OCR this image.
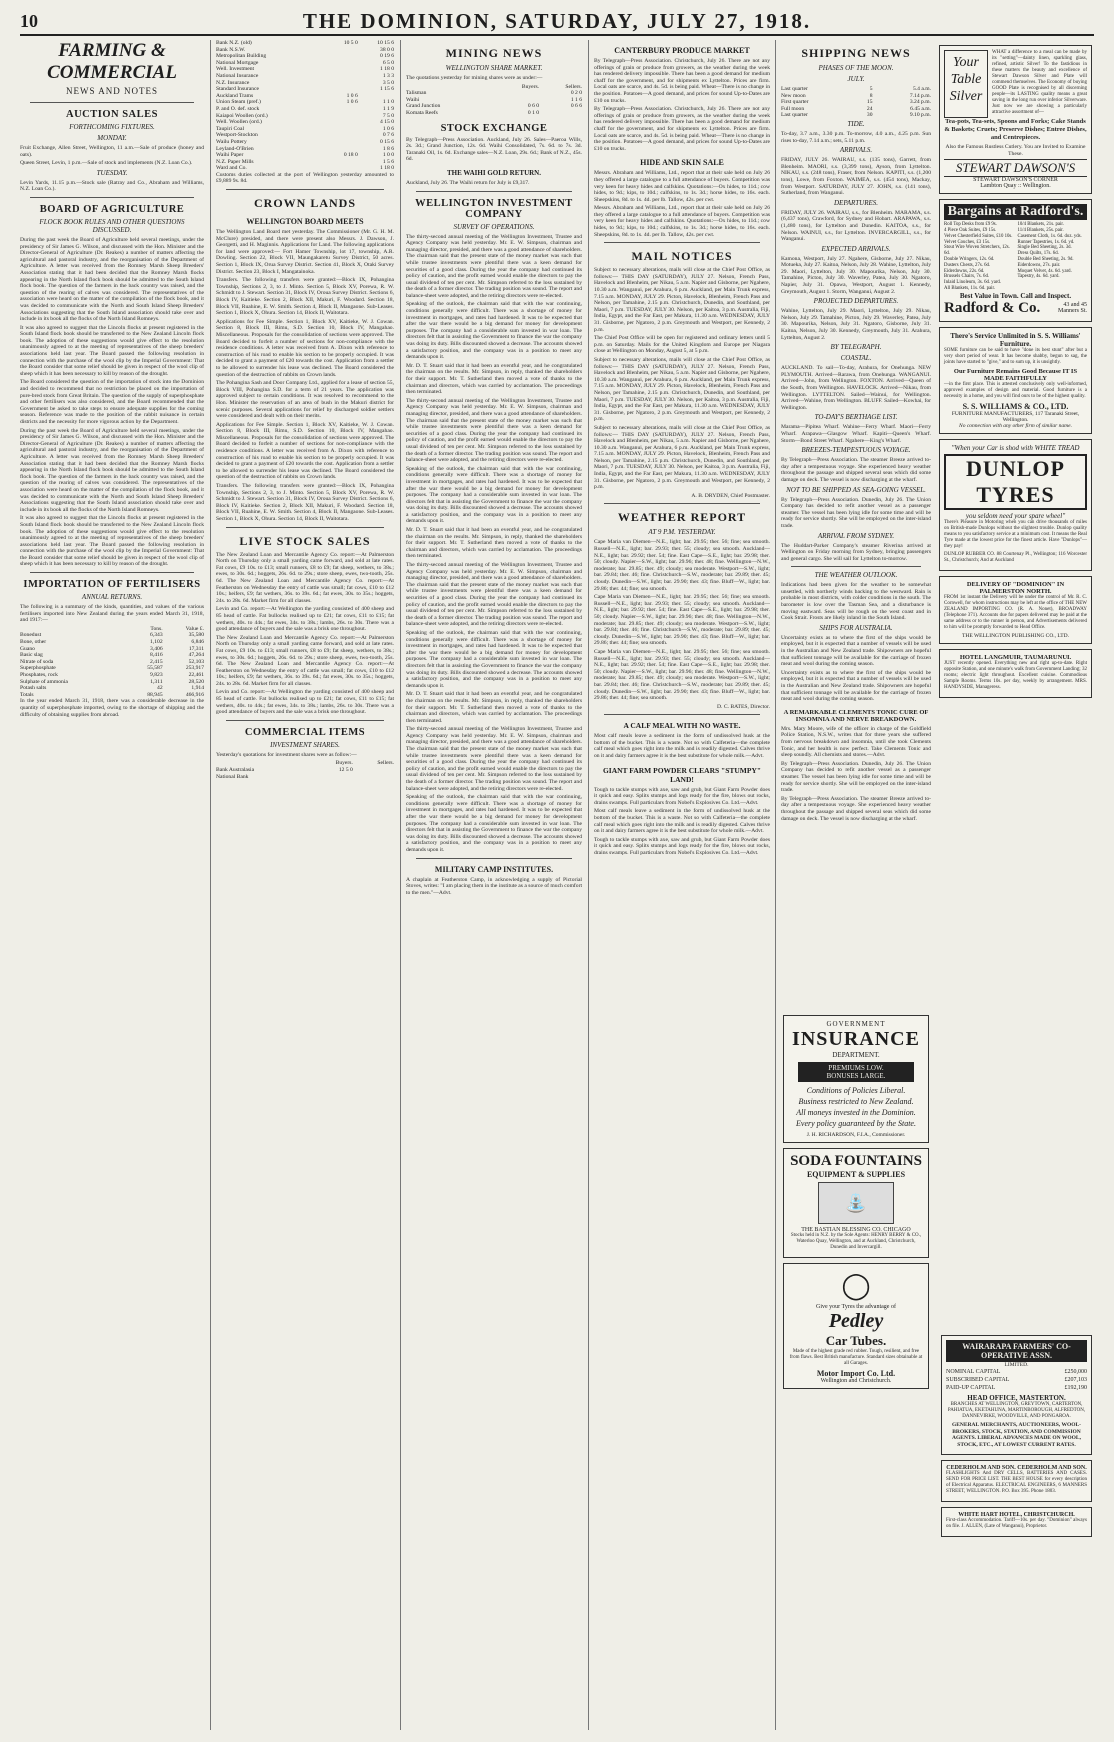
10	THE DOMINION, SATURDAY, JULY 27, 1918.

FARMING & COMMERCIAL

NEWS AND NOTES

AUCTION SALES
FORTHCOMING FIXTURES.
MONDAY.

Fruit Exchange, Allen Street, Wellington, 11 a.m.—Sale of produce (honey and oats).

Queen Street, Levin, 1 p.m.—Sale of stock and implements (N.Z. Loan Co.).

TUESDAY.

Levin Yards, 11.15 p.m.—Stock sale (Ratray and Co., Abraham and Williams, N.Z. Loan Co.).

BOARD OF AGRICULTURE
FLOCK BOOK RULES AND OTHER QUESTIONS DISCUSSED.

During the past week the Board of Agriculture held several meetings, under the presidency of Sir James G. Wilson, and discussed with the Hon. Minister and the Director-General of Agriculture (Dr. Reakes) a number of matters affecting the agricultural and pastoral industry, and the reorganisation of the Department of Agriculture. A letter was received from the Romney Marsh Sheep Breeders' Association stating that it had been decided that the Romney Marsh flocks appearing in the North Island flock book should be admitted to the South Island flock book. The question of the farmers in the back country was raised, and the question of the rearing of calves was considered. The representatives of the association were heard on the matter of the compilation of the flock book, and it was decided to communicate with the North and South Island Sheep Breeders' Associations suggesting that the South Island association should take over and include in its book all the flocks of the North Island Romneys.

It was also agreed to suggest that the Lincoln flocks at present registered in the South Island flock book should be transferred to the New Zealand Lincoln flock book. The adoption of these suggestions would give effect to the resolution unanimously agreed to at the meeting of representatives of the sheep breeders' associations held last year. The Board passed the following resolution in connection with the purchase of the wool clip by the Imperial Government: That the Board consider that some relief should be given in respect of the wool clip of sheep which it has been necessary to kill by reason of the drought.

The Board considered the question of the importation of stock into the Dominion and decided to recommend that no restriction be placed on the importation of pure-bred stock from Great Britain. The question of the supply of superphosphate and other fertilisers was also considered, and the Board recommended that the Government be asked to take steps to ensure adequate supplies for the coming season. Reference was made to the position of the rabbit nuisance in certain districts and the necessity for more vigorous action by the Department.

During the past week the Board of Agriculture held several meetings, under the presidency of Sir James G. Wilson, and discussed with the Hon. Minister and the Director-General of Agriculture (Dr. Reakes) a number of matters affecting the agricultural and pastoral industry, and the reorganisation of the Department of Agriculture. A letter was received from the Romney Marsh Sheep Breeders' Association stating that it had been decided that the Romney Marsh flocks appearing in the North Island flock book should be admitted to the South Island flock book. The question of the farmers in the back country was raised, and the question of the rearing of calves was considered. The representatives of the association were heard on the matter of the compilation of the flock book, and it was decided to communicate with the North and South Island Sheep Breeders' Associations suggesting that the South Island association should take over and include in its book all the flocks of the North Island Romneys.

It was also agreed to suggest that the Lincoln flocks at present registered in the South Island flock book should be transferred to the New Zealand Lincoln flock book. The adoption of these suggestions would give effect to the resolution unanimously agreed to at the meeting of representatives of the sheep breeders' associations held last year. The Board passed the following resolution in connection with the purchase of the wool clip by the Imperial Government: That the Board consider that some relief should be given in respect of the wool clip of sheep which it has been necessary to kill by reason of the drought.

IMPORTATION OF FERTILISERS
ANNUAL RETURNS.

The following is a summary of the kinds, quantities, and values of the various fertilisers imported into New Zealand during the years ended March 31, 1918, and 1917:—

	Tons.	Value £.
Bonedust	6,343	35,580
Bone, other	1,102	6,846
Guano	3,406	17,311
Basic slag	8,416	47,264
Nitrate of soda	2,415	52,103
Superphosphate	55,587	253,917
Phosphates, rock	9,823	22,461
Sulphate of ammonia	1,311	28,520
Potash salts	42	1,914
Totals	88,945	466,916

In the year ended March 31, 1918, there was a considerable decrease in the quantity of superphosphate imported, owing to the shortage of shipping and the difficulty of obtaining supplies from abroad.

Bank N.Z. (old)	10 5 0	10 15 6
Bank N.S.W.		38 0 0
Metropolitan Building		0 19 6
National Mortgage		6 5 0
Well. Investment		1 18 0
National Insurance		1 3 3
N.Z. Insurance		3 5 0
Standard Insurance		1 15 6
Auckland Trams	1 0 6	
Union Steam (pref.)	1 0 6	1 1 0
P. and O. def. stock		1 1 9
Kaiapoi Woollen (ord.)		7 5 0
Well. Woollen (ord.)		4 15 0
Taupiri Coal		1 0 6
Westport-Stockton		0 7 6
Wailu Pottery		0 15 6
Leyland-O'Brien		1 8 6
Waihi Paper	0 18 0	1 0 0
N.Z. Paper Mills		1 5 6
Ward and Co.		1 18 0

Customs duties collected at the port of Wellington yesterday amounted to £9,889 9s. 8d.

CROWN LANDS
WELLINGTON BOARD MEETS

The Wellington Land Board met yesterday. The Commissioner (Mr. G. H. M. McClure) presided, and there were present also Messrs. J. Dawson, J. Georgetti, and H. Maginnis. Applications for Land. The following applications for land were approved:— Fort Hamer Township, lot 17, township, A.R. Dowling. Section 22, Block VII, Maungakaretu Survey District, 50 acres. Section 1, Block IX, Orua Survey District. Section 41, Block X, Otaki Survey District. Section 23, Block I, Mangatainoka.

Transfers. The following transfers were granted:—Block IX, Pohangina Township, Sections 2, 3, to J. Minto. Section 5, Block XV, Porewa, R. W. Schmidt to J. Stewart. Section 31, Block IV, Oroua Survey District. Sections 6, Block IV, Kaitieke. Section 2, Block XII, Makuri, F. Woodard. Section 18, Block VII, Ruahine, E. W. Smith. Section 4, Block II, Mangaone. Sub-Leases. Section 1, Block X, Ohura. Section 14, Block II, Waitotara.

Applications for Fee Simple. Section 1, Block XV, Kaitieke, W. J. Cowan. Section 8, Block III, Rimu, S.D. Section 10, Block IV, Mangahao. Miscellaneous. Proposals for the consolidation of sections were approved. The Board decided to forfeit a number of sections for non-compliance with the residence conditions. A letter was received from A. Dixon with reference to construction of his road to enable his section to be properly occupied. It was decided to grant a payment of £20 towards the cost. Application from a settler to be allowed to surrender his lease was declined. The Board considered the question of the destruction of rabbits on Crown lands.

The Pohangina Sash and Door Company Ltd., applied for a lease of section 55, Block VIII, Pohangina S.D. for a term of 21 years. The application was approved subject to certain conditions. It was resolved to recommend to the Hon. Minister the reservation of an area of bush in the Makuri district for scenic purposes. Several applications for relief by discharged soldier settlers were considered and dealt with on their merits.

Applications for Fee Simple. Section 1, Block XV, Kaitieke, W. J. Cowan. Section 8, Block III, Rimu, S.D. Section 10, Block IV, Mangahao. Miscellaneous. Proposals for the consolidation of sections were approved. The Board decided to forfeit a number of sections for non-compliance with the residence conditions. A letter was received from A. Dixon with reference to construction of his road to enable his section to be properly occupied. It was decided to grant a payment of £20 towards the cost. Application from a settler to be allowed to surrender his lease was declined. The Board considered the question of the destruction of rabbits on Crown lands.

Transfers. The following transfers were granted:—Block IX, Pohangina Township, Sections 2, 3, to J. Minto. Section 5, Block XV, Porewa, R. W. Schmidt to J. Stewart. Section 31, Block IV, Oroua Survey District. Sections 6, Block IV, Kaitieke. Section 2, Block XII, Makuri, F. Woodard. Section 18, Block VII, Ruahine, E. W. Smith. Section 4, Block II, Mangaone. Sub-Leases. Section 1, Block X, Ohura. Section 14, Block II, Waitotara.

LIVE STOCK SALES

The New Zealand Loan and Mercantile Agency Co. report:—At Palmerston North on Thursday only a small yarding came forward, and sold at late rates. Fat cows, £9 10s. to £13; small runners, £8 to £9; fat sheep, wethers, to 38s.; ewes, to 30s. 6d.; hoggets, 26s. 6d. to 29s.; store sheep, ewes, two-tooth, 25s. 6d. The New Zealand Loan and Mercantile Agency Co. report:—At Featherston on Wednesday the entry of cattle was small; fat cows, £10 to £12 10s.; heifers, £9; fat wethers, 36s. to 39s. 6d.; fat ewes, 30s. to 35s.; hoggets, 24s. to 28s. 6d. Market firm for all classes.

Levin and Co. report:—At Wellington the yarding consisted of 400 sheep and 85 head of cattle. Fat bullocks realised up to £21; fat cows, £11 to £15; fat wethers, 40s. to 44s.; fat ewes, 34s. to 38s.; lambs, 26s. to 30s. There was a good attendance of buyers and the sale was a brisk one throughout.

The New Zealand Loan and Mercantile Agency Co. report:—At Palmerston North on Thursday only a small yarding came forward, and sold at late rates. Fat cows, £9 10s. to £13; small runners, £8 to £9; fat sheep, wethers, to 38s.; ewes, to 30s. 6d.; hoggets, 26s. 6d. to 29s.; store sheep, ewes, two-tooth, 25s. 6d. The New Zealand Loan and Mercantile Agency Co. report:—At Featherston on Wednesday the entry of cattle was small; fat cows, £10 to £12 10s.; heifers, £9; fat wethers, 36s. to 39s. 6d.; fat ewes, 30s. to 35s.; hoggets, 24s. to 28s. 6d. Market firm for all classes.

Levin and Co. report:—At Wellington the yarding consisted of 400 sheep and 85 head of cattle. Fat bullocks realised up to £21; fat cows, £11 to £15; fat wethers, 40s. to 44s.; fat ewes, 34s. to 38s.; lambs, 26s. to 30s. There was a good attendance of buyers and the sale was a brisk one throughout.

COMMERCIAL ITEMS
INVESTMENT SHARES.

Yesterday's quotations for investment shares were as follow:—

	Buyers.	Sellers.
Bank Australasia	12 5 0	
National Bank		
MINING NEWS
WELLINGTON SHARE MARKET.

The quotations yesterday for mining shares were as under:—

	Buyers.	Sellers.
Talisman		0 2 0
Waihi		1 1 6
Grand Junction	0 6 0	0 6 6
Komata Reefs	0 1 0	
STOCK EXCHANGE

By Telegraph—Press Association. Auckland, July 26. Sales—Paeroa Wills, 2s. 3d.; Grand Junction, 12s. 6d. Waihi Consolidated, 7s. 6d. to 7s. 3d. Taranaki Oil, 1s. 6d. Exchange sales—N.Z. Loan, 29s. 6d.; Bank of N.Z., 45s. 6d.

THE WAIHI GOLD RETURN.

Auckland, July 26. The Waihi return for July is £9,317.

WELLINGTON INVESTMENT COMPANY
SURVEY OF OPERATIONS.

The thirty-second annual meeting of the Wellington Investment, Trustee and Agency Company was held yesterday. Mr. E. W. Simpson, chairman and managing director, presided, and there was a good attendance of shareholders. The chairman said that the present state of the money market was such that while trustee investments were plentiful there was a keen demand for securities of a good class. During the year the company had continued its policy of caution, and the profit earned would enable the directors to pay the usual dividend of ten per cent. Mr. Simpson referred to the loss sustained by the death of a former director. The trading position was sound. The report and balance-sheet were adopted, and the retiring directors were re-elected.

Speaking of the outlook, the chairman said that with the war continuing, conditions generally were difficult. There was a shortage of money for investment in mortgages, and rates had hardened. It was to be expected that after the war there would be a big demand for money for development purposes. The company had a considerable sum invested in war loan. The directors felt that in assisting the Government to finance the war the company was doing its duty. Bills discounted showed a decrease. The accounts showed a satisfactory position, and the company was in a position to meet any demands upon it.

Mr. D. T. Stuart said that it had been an eventful year, and he congratulated the chairman on the results. Mr. Simpson, in reply, thanked the shareholders for their support. Mr. T. Sutherland then moved a vote of thanks to the chairman and directors, which was carried by acclamation. The proceedings then terminated.

The thirty-second annual meeting of the Wellington Investment, Trustee and Agency Company was held yesterday. Mr. E. W. Simpson, chairman and managing director, presided, and there was a good attendance of shareholders. The chairman said that the present state of the money market was such that while trustee investments were plentiful there was a keen demand for securities of a good class. During the year the company had continued its policy of caution, and the profit earned would enable the directors to pay the usual dividend of ten per cent. Mr. Simpson referred to the loss sustained by the death of a former director. The trading position was sound. The report and balance-sheet were adopted, and the retiring directors were re-elected.

Speaking of the outlook, the chairman said that with the war continuing, conditions generally were difficult. There was a shortage of money for investment in mortgages, and rates had hardened. It was to be expected that after the war there would be a big demand for money for development purposes. The company had a considerable sum invested in war loan. The directors felt that in assisting the Government to finance the war the company was doing its duty. Bills discounted showed a decrease. The accounts showed a satisfactory position, and the company was in a position to meet any demands upon it.

Mr. D. T. Stuart said that it had been an eventful year, and he congratulated the chairman on the results. Mr. Simpson, in reply, thanked the shareholders for their support. Mr. T. Sutherland then moved a vote of thanks to the chairman and directors, which was carried by acclamation. The proceedings then terminated.

The thirty-second annual meeting of the Wellington Investment, Trustee and Agency Company was held yesterday. Mr. E. W. Simpson, chairman and managing director, presided, and there was a good attendance of shareholders. The chairman said that the present state of the money market was such that while trustee investments were plentiful there was a keen demand for securities of a good class. During the year the company had continued its policy of caution, and the profit earned would enable the directors to pay the usual dividend of ten per cent. Mr. Simpson referred to the loss sustained by the death of a former director. The trading position was sound. The report and balance-sheet were adopted, and the retiring directors were re-elected.

Speaking of the outlook, the chairman said that with the war continuing, conditions generally were difficult. There was a shortage of money for investment in mortgages, and rates had hardened. It was to be expected that after the war there would be a big demand for money for development purposes. The company had a considerable sum invested in war loan. The directors felt that in assisting the Government to finance the war the company was doing its duty. Bills discounted showed a decrease. The accounts showed a satisfactory position, and the company was in a position to meet any demands upon it.

Mr. D. T. Stuart said that it had been an eventful year, and he congratulated the chairman on the results. Mr. Simpson, in reply, thanked the shareholders for their support. Mr. T. Sutherland then moved a vote of thanks to the chairman and directors, which was carried by acclamation. The proceedings then terminated.

The thirty-second annual meeting of the Wellington Investment, Trustee and Agency Company was held yesterday. Mr. E. W. Simpson, chairman and managing director, presided, and there was a good attendance of shareholders. The chairman said that the present state of the money market was such that while trustee investments were plentiful there was a keen demand for securities of a good class. During the year the company had continued its policy of caution, and the profit earned would enable the directors to pay the usual dividend of ten per cent. Mr. Simpson referred to the loss sustained by the death of a former director. The trading position was sound. The report and balance-sheet were adopted, and the retiring directors were re-elected.

Speaking of the outlook, the chairman said that with the war continuing, conditions generally were difficult. There was a shortage of money for investment in mortgages, and rates had hardened. It was to be expected that after the war there would be a big demand for money for development purposes. The company had a considerable sum invested in war loan. The directors felt that in assisting the Government to finance the war the company was doing its duty. Bills discounted showed a decrease. The accounts showed a satisfactory position, and the company was in a position to meet any demands upon it.

MILITARY CAMP INSTITUTES.

A chaplain at Featherston Camp, in acknowledging a supply of Pictorial Stoves, writes: "I am placing them in the institute as a source of much comfort to the men."—Advt.

CANTERBURY PRODUCE MARKET

By Telegraph—Press Association. Christchurch, July 26. There are not any offerings of grain or produce from growers, as the weather during the week has rendered delivery impossible. There has been a good demand for medium chaff for the government, and for shipments ex Lyttelton. Prices are firm. Local oats are scarce, and 4s. 5d. is being paid. Wheat—There is no change in the position. Potatoes—A good demand, and prices for sound Up-to-Dates are £10 on trucks.

By Telegraph—Press Association. Christchurch, July 26. There are not any offerings of grain or produce from growers, as the weather during the week has rendered delivery impossible. There has been a good demand for medium chaff for the government, and for shipments ex Lyttelton. Prices are firm. Local oats are scarce, and 4s. 5d. is being paid. Wheat—There is no change in the position. Potatoes—A good demand, and prices for sound Up-to-Dates are £10 on trucks.

HIDE AND SKIN SALE

Messrs. Abraham and Williams, Ltd., report that at their sale held on July 26 they offered a large catalogue to a full attendance of buyers. Competition was very keen for heavy hides and calfskins. Quotations:—Ox hides, to 11d.; cow hides, to 9d.; kips, to 10d.; calfskins, to 1s. 3d.; horse hides, to 16s. each. Sheepskins, 8d. to 1s. 4d. per lb. Tallow, 42s. per cwt.

Messrs. Abraham and Williams, Ltd., report that at their sale held on July 26 they offered a large catalogue to a full attendance of buyers. Competition was very keen for heavy hides and calfskins. Quotations:—Ox hides, to 11d.; cow hides, to 9d.; kips, to 10d.; calfskins, to 1s. 3d.; horse hides, to 16s. each. Sheepskins, 8d. to 1s. 4d. per lb. Tallow, 42s. per cwt.

MAIL NOTICES

Subject to necessary alterations, mails will close at the Chief Post Office, as follows:— THIS DAY (SATURDAY), JULY 27. Nelson, French Pass, Havelock and Blenheim, per Nikau, 5 a.m. Napier and Gisborne, per Ngahere, 10.30 a.m. Wanganui, per Arahura, 6 p.m. Auckland, per Main Trunk express, 7.15 a.m. MONDAY, JULY 29. Picton, Havelock, Blenheim, French Pass and Nelson, per Tamahine, 2.15 p.m. Christchurch, Dunedin, and Southland, per Maori, 7 p.m. TUESDAY, JULY 30. Nelson, per Kaitoa, 3 p.m. Australia, Fiji, India, Egypt, and the Far East, per Makura, 11.30 a.m. WEDNESDAY, JULY 31. Gisborne, per Ngatoro, 2 p.m. Greymouth and Westport, per Kennedy, 2 p.m.

The Chief Post Office will be open for registered and ordinary letters until 5 p.m. on Saturday. Mails for the United Kingdom and Europe per Niagara close at Wellington on Monday, August 5, at 5 p.m.

Subject to necessary alterations, mails will close at the Chief Post Office, as follows:— THIS DAY (SATURDAY), JULY 27. Nelson, French Pass, Havelock and Blenheim, per Nikau, 5 a.m. Napier and Gisborne, per Ngahere, 10.30 a.m. Wanganui, per Arahura, 6 p.m. Auckland, per Main Trunk express, 7.15 a.m. MONDAY, JULY 29. Picton, Havelock, Blenheim, French Pass and Nelson, per Tamahine, 2.15 p.m. Christchurch, Dunedin, and Southland, per Maori, 7 p.m. TUESDAY, JULY 30. Nelson, per Kaitoa, 3 p.m. Australia, Fiji, India, Egypt, and the Far East, per Makura, 11.30 a.m. WEDNESDAY, JULY 31. Gisborne, per Ngatoro, 2 p.m. Greymouth and Westport, per Kennedy, 2 p.m.

Subject to necessary alterations, mails will close at the Chief Post Office, as follows:— THIS DAY (SATURDAY), JULY 27. Nelson, French Pass, Havelock and Blenheim, per Nikau, 5 a.m. Napier and Gisborne, per Ngahere, 10.30 a.m. Wanganui, per Arahura, 6 p.m. Auckland, per Main Trunk express, 7.15 a.m. MONDAY, JULY 29. Picton, Havelock, Blenheim, French Pass and Nelson, per Tamahine, 2.15 p.m. Christchurch, Dunedin, and Southland, per Maori, 7 p.m. TUESDAY, JULY 30. Nelson, per Kaitoa, 3 p.m. Australia, Fiji, India, Egypt, and the Far East, per Makura, 11.30 a.m. WEDNESDAY, JULY 31. Gisborne, per Ngatoro, 2 p.m. Greymouth and Westport, per Kennedy, 2 p.m.

A. B. DRYDEN, Chief Postmaster.

WEATHER REPORT
AT 9 P.M. YESTERDAY.

Cape Maria van Diemen—N.E., light; bar. 29.95; ther. 56; fine; sea smooth. Russell—N.E., light; bar. 29.93; ther. 55; cloudy; sea smooth. Auckland—N.E., light; bar. 29.92; ther. 54; fine. East Cape—S.E., light; bar. 29.98; ther. 50; cloudy. Napier—S.W., light; bar. 29.96; ther. 48; fine. Wellington—N.W., moderate; bar. 29.85; ther. 49; cloudy; sea moderate. Westport—S.W., light; bar. 29.84; ther. 46; fine. Christchurch—S.W., moderate; bar. 29.89; ther. 45; cloudy. Dunedin—S.W., light; bar. 29.90; ther. 43; fine. Bluff—W., light; bar. 29.86; ther. 44; fine; sea smooth.

Cape Maria van Diemen—N.E., light; bar. 29.95; ther. 56; fine; sea smooth. Russell—N.E., light; bar. 29.93; ther. 55; cloudy; sea smooth. Auckland—N.E., light; bar. 29.92; ther. 54; fine. East Cape—S.E., light; bar. 29.98; ther. 50; cloudy. Napier—S.W., light; bar. 29.96; ther. 48; fine. Wellington—N.W., moderate; bar. 29.85; ther. 49; cloudy; sea moderate. Westport—S.W., light; bar. 29.84; ther. 46; fine. Christchurch—S.W., moderate; bar. 29.89; ther. 45; cloudy. Dunedin—S.W., light; bar. 29.90; ther. 43; fine. Bluff—W., light; bar. 29.86; ther. 44; fine; sea smooth.

Cape Maria van Diemen—N.E., light; bar. 29.95; ther. 56; fine; sea smooth. Russell—N.E., light; bar. 29.93; ther. 55; cloudy; sea smooth. Auckland—N.E., light; bar. 29.92; ther. 54; fine. East Cape—S.E., light; bar. 29.98; ther. 50; cloudy. Napier—S.W., light; bar. 29.96; ther. 48; fine. Wellington—N.W., moderate; bar. 29.85; ther. 49; cloudy; sea moderate. Westport—S.W., light; bar. 29.84; ther. 46; fine. Christchurch—S.W., moderate; bar. 29.89; ther. 45; cloudy. Dunedin—S.W., light; bar. 29.90; ther. 43; fine. Bluff—W., light; bar. 29.86; ther. 44; fine; sea smooth.

D. C. BATES, Director.

A CALF MEAL WITH NO WASTE.

Most calf meals leave a sediment in the form of undissolved husk at the bottom of the bucket. This is a waste. Not so with Calfeteria—the complete calf meal which goes right into the milk and is readily digested. Calves thrive on it and dairy farmers agree it is the best substitute for whole milk.—Advt.

GIANT FARM POWDER CLEARS "STUMPY" LAND!

Tough to tackle stumps with axe, saw and grub, but Giant Farm Powder does it quick and easy. Splits stumps and logs ready for the fire, blows out rocks, drains swamps. Full particulars from Nobel's Explosives Co. Ltd.—Advt.

Most calf meals leave a sediment in the form of undissolved husk at the bottom of the bucket. This is a waste. Not so with Calfeteria—the complete calf meal which goes right into the milk and is readily digested. Calves thrive on it and dairy farmers agree it is the best substitute for whole milk.—Advt.

Tough to tackle stumps with axe, saw and grub, but Giant Farm Powder does it quick and easy. Splits stumps and logs ready for the fire, blows out rocks, drains swamps. Full particulars from Nobel's Explosives Co. Ltd.—Advt.

SHIPPING NEWS
PHASES OF THE MOON.
JULY.
Last quarter	5	5.4 a.m.
New moon	8	7.14 p.m.
First quarter	15	3.24 p.m.
Full moon	24	6.45 a.m.
Last quarter	30	9.10 p.m.
TIDE.

To-day, 3.7 a.m., 3.30 p.m. To-morrow, 4.0 a.m., 4.25 p.m. Sun rises to-day, 7.14 a.m.; sets, 5.11 p.m.

ARRIVALS.

FRIDAY, JULY 26. WAIRAU, s.s. (135 tons), Garrett, from Blenheim. MAORI, s.s. (3,399 tons), Ayson, from Lyttelton. NIKAU, s.s. (248 tons), Fraser, from Nelson. KAPITI, s.s. (1,200 tons), Lowe, from Foxton. WAIMEA, s.s. (454 tons), Mackay, from Westport. SATURDAY, JULY 27. JOHN, s.s. (141 tons), Sutherland, from Wanganui.

DEPARTURES.

FRIDAY, JULY 26. WAIRAU, s.s., for Blenheim. MARAMA, s.s. (6,437 tons), Crawford, for Sydney and Hobart. ARAPAWA, s.s. (1,480 tons), for Lyttelton and Dunedin. KAITOA, s.s., for Nelson. WAINUI, s.s., for Lyttelton. INVERCARGILL, s.s., for Wanganui.

EXPECTED ARRIVALS.

Kamona, Westport, July 27. Ngahere, Gisborne, July 27. Nikau, Motueka, July 27. Kaitoa, Nelson, July 28. Wahine, Lyttelton, July 29. Maori, Lyttelton, July 30. Mapourika, Nelson, July 30. Tamahine, Picton, July 30. Waverley, Patea, July 30. Ngatoro, Napier, July 31. Opawa, Westport, August 1. Kennedy, Greymouth, August 1. Storm, Wanganui, August 2.

PROJECTED DEPARTURES.

Wahine, Lyttelton, July 29. Maori, Lyttelton, July 29. Nikau, Nelson, July 29. Tamahine, Picton, July 29. Waverley, Patea, July 30. Mapourika, Nelson, July 31. Ngatoro, Gisborne, July 31. Kaitoa, Nelson, July 30. Kennedy, Greymouth, July 31. Arahura, Lyttelton, August 2.

BY TELEGRAPH.
COASTAL.

AUCKLAND. To sail—To-day, Arahura, for Onehunga. NEW PLYMOUTH. Arrived—Rarawa, from Onehunga. WANGANUI. Arrived—John, from Wellington. FOXTON. Arrived—Queen of the South, from Wellington. HAVELOCK. Arrived—Nikau, from Wellington. LYTTELTON. Sailed—Wainui, for Wellington. Arrived—Wahine, from Wellington. BLUFF. Sailed—Kowhai, for Wellington.

TO-DAY'S BERTHAGE LIST.

Marama—Pipitea Wharf. Wahine—Ferry Wharf. Maori—Ferry Wharf. Arapawa—Glasgow Wharf. Kapiti—Queen's Wharf. Storm—Bond Street Wharf. Ngahere—King's Wharf.

BREEZES-TEMPESTUOUS VOYAGE.

By Telegraph—Press Association. The steamer Breeze arrived to-day after a tempestuous voyage. She experienced heavy weather throughout the passage and shipped several seas which did some damage on deck. The vessel is now discharging at the wharf.

NOT TO BE SHIPPED AS SEA-GOING VESSEL.

By Telegraph—Press Association. Dunedin, July 26. The Union Company has decided to refit another vessel as a passenger steamer. The vessel has been lying idle for some time and will be ready for service shortly. She will be employed on the inter-island trade.

ARRIVAL FROM SYDNEY.

The Huddart-Parker Company's steamer Riverina arrived at Wellington on Friday morning from Sydney, bringing passengers and general cargo. She will sail for Lyttelton to-morrow.

THE WEATHER OUTLOOK.

Indications had been given for the weather to be somewhat unsettled, with northerly winds backing to the westward. Rain is probable in most districts, with colder conditions in the south. The barometer is low over the Tasman Sea, and a disturbance is moving eastward. Seas will be rough on the west coast and in Cook Strait. Frosts are likely inland in the South Island.

SHIPS FOR AUSTRALIA.

Uncertainty exists as to where the first of the ships would be employed, but it is expected that a number of vessels will be used in the Australian and New Zealand trade. Shipowners are hopeful that sufficient tonnage will be available for the carriage of frozen meat and wool during the coming season.

Uncertainty exists as to where the first of the ships would be employed, but it is expected that a number of vessels will be used in the Australian and New Zealand trade. Shipowners are hopeful that sufficient tonnage will be available for the carriage of frozen meat and wool during the coming season.

A REMARKABLE CLEMENTS TONIC CURE OF INSOMNIA AND NERVE BREAKDOWN.

Mrs. Mary Moore, wife of the officer in charge of the Goldfield Police Station, N.S.W., writes that for three years she suffered from nervous breakdown and insomnia, until she took Clements Tonic, and her health is now perfect. Take Clements Tonic and sleep soundly. All chemists and stores.—Advt.

By Telegraph—Press Association. Dunedin, July 26. The Union Company has decided to refit another vessel as a passenger steamer. The vessel has been lying idle for some time and will be ready for service shortly. She will be employed on the inter-island trade.

By Telegraph—Press Association. The steamer Breeze arrived to-day after a tempestuous voyage. She experienced heavy weather throughout the passage and shipped several seas which did some damage on deck. The vessel is now discharging at the wharf.

Your
Table
Silver

WHAT a difference to a meal can be made by its "setting"—dainty linen, sparkling glass, refined, artistic Silver! To the fastidious in these matters the beauty and excellence of Stewart Dawson Silver and Plate will commend themselves. The Economy of buying GOOD Plate is recognised by all discerning people—its LASTING quality means a great saving in the long run over inferior Silverware. Just now we are showing a particularly attractive assortment of—

Tea-pots, Tea-sets, Spoons and Forks; Cake Stands & Baskets; Cruets; Preserve Dishes; Entree Dishes, and Centrepieces.

Also the Famous Rustless Cutlery. You are Invited to Examine These.

STEWART DAWSON'S
STEWART DAWSON'S CORNER
Lambton Quay :: Wellington.
Bargains at Radford's.
Roll Top Desks from £9 9s.
4 Piece Oak Suites, £9 15s.
Velvet Chesterfield Suites, £10 10s.
Velvet Couches, £3 15s.
Stout Wire Woven Stretchers, 12s. 6d.
Double Wringers, 12s. 6d.
Dusters Chests, 27s. 6d.
Eiderdowns, 22s. 6d.
Brussels Chairs, 7s. 6d.
Inlaid Linoleum, 3s. 6d. yard.
All Blankets, 11s. 6d. pair.
10/4 Blankets, 21s. pair.
11/4 Blankets, 25s. pair.
Casement Cloth, 1s. 6d. doz. yds.
Runner Tapestries, 1s. 6d. yd.
Single Bed Sheeting, 2s. 3d.
Dress Quilts, 17s. 6d.
Double Bed Sheeting, 2s. 9d.
Eiderdowns, 27s. pair.
Moquet Velvet, 4s. 6d. yard.
Tapestry, 4s. 6d. yard.
Best Value in Town. Call and Inspect.
Radford & Co.	43 and 45 Manners St.
There's Service Unlimited in S. S. Williams' Furniture.

SOME furniture can be said to have "done its best stunt" after but a very short period of wear. It has become shabby, begun to sag, the joints have started to "give," and to sum up, it is unsightly.

Our Furniture Remains Good Because IT IS MADE FAITHFULLY

—in the first place. This is attested conclusively only well-informed, approved examples of design and material. Good furniture is a necessity in a home, and you will find ours to be of the highest quality.

S. S. WILLIAMS & CO., LTD.
FURNITURE MANUFACTURERS, 117 Taranaki Street, Wellington.
No connection with any other firm of similar name.
"When your Car is shod with WHITE TREAD
DUNLOP TYRES
you seldom need your spare wheel"

There's Pleasure in Motoring when you can drive thousands of miles on British-made Dunlops without the slightest trouble. Dunlop quality means to you satisfactory service at a minimum cost. It means the Real Tyre made at the lowest price for the finest article. Have "Dunlops"—they pay!

DUNLOP RUBBER CO. 88 Courtenay Pl., Wellington; 116 Worcester St., Christchurch; And at Auckland

DELIVERY OF "DOMINION" IN PALMERSTON NORTH.

FROM 1st instant the Delivery will be under the control of Mr. R. C. Cornwell, for whom instructions may be left at the office of THE NEW ZEALAND IMPORTING CO. (R. A. Nonet), BROADWAY (Telephone 371). Accounts due for papers delivered may be paid at the same address or to the runner in person, and Advertisements delivered to him will be promptly forwarded to Head Office.

THE WELLINGTON PUBLISHING CO., LTD.
HOTEL LANGMUIR, TAUMARUNUI.

JUST recently opened. Everything new and right up-to-date. Right opposite Station, and one minute's walk from Government Landing; 32 rooms; electric light throughout. Excellent cuisine. Commodious Sample Rooms. Terms 10s. per day, weekly by arrangement. MRS. HANDYSIDE, Manageress.

WAIRARAPA FARMERS' CO-OPERATIVE ASSN.
LIMITED.
NOMINAL CAPITAL	£250,000
SUBSCRIBED CAPITAL	£207,103
PAID-UP CAPITAL	£192,190
HEAD OFFICE, MASTERTON.

BRANCHES AT WELLINGTON, GREYTOWN, CARTERTON, PAHIATUA, EKETAHUNA, MARTINBOROUGH, ALFREDTON, DANNEVIRKE, WOODVILLE, AND PONGAROA.

GENERAL MERCHANTS, AUCTIONEERS, WOOL-BROKERS, STOCK, STATION, AND COMMISSION AGENTS. LIBERAL ADVANCES MADE ON WOOL, STOCK, ETC., AT LOWEST CURRENT RATES.

CEDERHOLM AND SON. CEDERHOLM AND SON.

FLASHLIGHTS And DRY CELLS, BATTERIES AND CASES. SEND FOR PRICE LIST. THE BEST HOUSE for every description of Electrical Apparatus. ELECTRICAL ENGINEERS, 6 MANNERS STREET, WELLINGTON. P.O. Box 395. Phone 1803.

WHITE HART HOTEL, CHRISTCHURCH.

First-class Accommodation. Tariff—10s. per day. "Dominion" always on file. J. ALLEN, (Late of Wanganui), Proprietor.

GOVERNMENT
INSURANCE
DEPARTMENT.
PREMIUMS LOW.
BONUSES LARGE.
Conditions of Policies Liberal.
Business restricted to New Zealand.
All moneys invested in the Dominion.
Every policy guaranteed by the State.
J. H. RICHARDSON, F.I.A., Commissioner.
SODA FOUNTAINS
EQUIPMENT & SUPPLIES
⛲
THE BASTIAN BLESSING CO. CHICAGO

Stocks held in N.Z. by the Sole Agents: HENRY BERRY & CO., Waterloo Quay, Wellington, and at Auckland, Christchurch, Dunedin and Invercargill.

◯
Give your Tyres the advantage of
Pedley
Car Tubes.

Made of the highest grade red rubber. Tough, resilient, and free from flaws. Best British manufacture. Standard sizes obtainable at all Garages.

Motor Import Co. Ltd.
Wellington and Christchurch.
